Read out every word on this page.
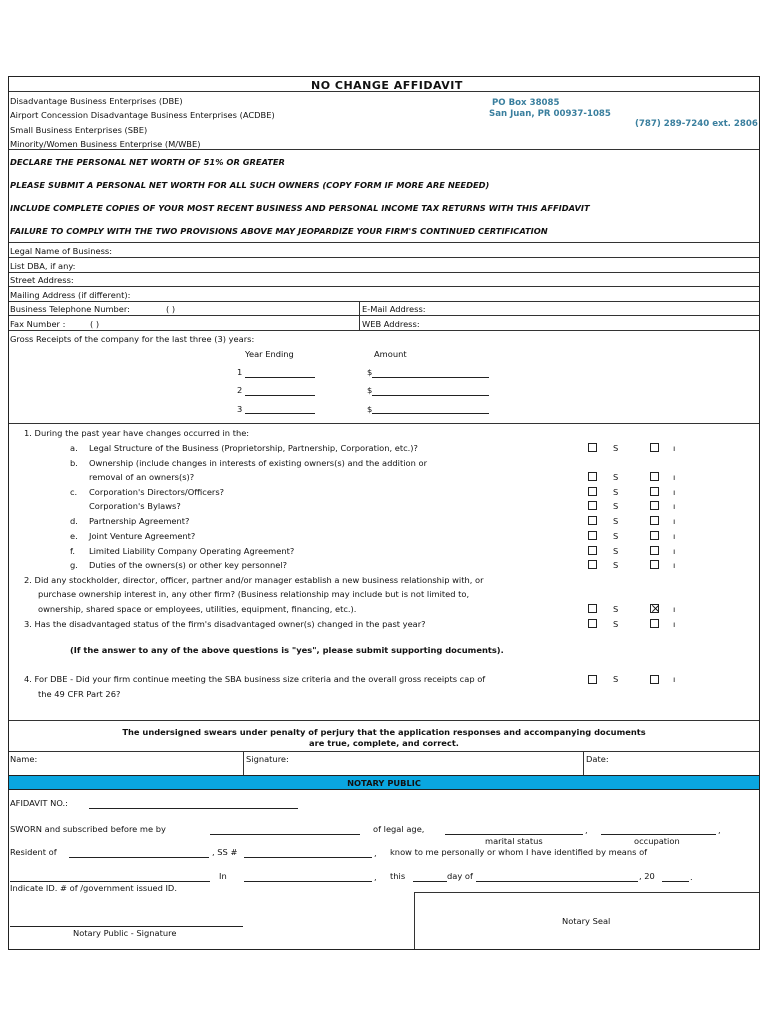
NO CHANGE AFFIDAVIT
Disadvantage Business Enterprises (DBE)
Airport Concession Disadvantage Business Enterprises (ACDBE)
Small Business Enterprises (SBE)
Minority/Women Business Enterprise (M/WBE)
PO Box 38085
San Juan, PR 00937-1085
(787) 289-7240 ext. 2806
DECLARE THE PERSONAL NET WORTH OF 51% OR GREATER
PLEASE SUBMIT A PERSONAL NET WORTH FOR ALL SUCH OWNERS (COPY FORM IF MORE ARE NEEDED)
INCLUDE COMPLETE COPIES OF YOUR MOST RECENT BUSINESS AND PERSONAL INCOME TAX RETURNS WITH THIS AFFIDAVIT
FAILURE TO COMPLY WITH THE TWO PROVISIONS ABOVE MAY JEOPARDIZE YOUR FIRM'S CONTINUED CERTIFICATION
Legal Name of Business:
List DBA, if any:
Street Address:
Mailing Address (if different):
Business Telephone Number:	( )	E-Mail Address:
Fax Number :	( )	WEB Address:
Gross Receipts of the company for the last three (3) years:
Year Ending	Amount
1	$
2	$
3	$
1. During the past year have changes occurred in the:
a. Legal Structure of the Business (Proprietorship, Partnership, Corporation, etc.)?	S	ı
b. Ownership (include changes in interests of existing owners(s) and the addition or
removal of an owners(s)?	S	ı
c. Corporation's Directors/Officers?	S	ı
Corporation's Bylaws?	S	ı
d. Partnership Agreement?	S	ı
e. Joint Venture Agreement?	S	ı
f. Limited Liability Company Operating Agreement?	S	ı
g. Duties of the owners(s) or other key personnel?	S	ı
2. Did any stockholder, director, officer, partner and/or manager establish a new business relationship with, or
purchase ownership interest in, any other firm? (Business relationship may include but is not limited to,
ownership, shared space or employees, utilities, equipment, financing, etc.).	S	ı
3. Has the disadvantaged status of the firm's disadvantaged owner(s) changed in the past year?	S	ı
(If the answer to any of the above questions is "yes", please submit supporting documents).
4. For DBE - Did your firm continue meeting the SBA business size criteria and the overall gross receipts cap of
the 49 CFR Part 26?
S	ı
The undersigned swears under penalty of perjury that the application responses and accompanying documents
are true, complete, and correct.
Name:	Signature:	Date:
NOTARY PUBLIC
AFIDAVIT NO.:
SWORN and subscribed before me by	of legal age,	,	,
marital status	occupation
Resident of	, SS #	, know to me personally or whom I have identified by means of
In	, this	day of	, 20	.
Indicate ID. # of /government issued ID.
Notary Public - Signature
Notary Seal
